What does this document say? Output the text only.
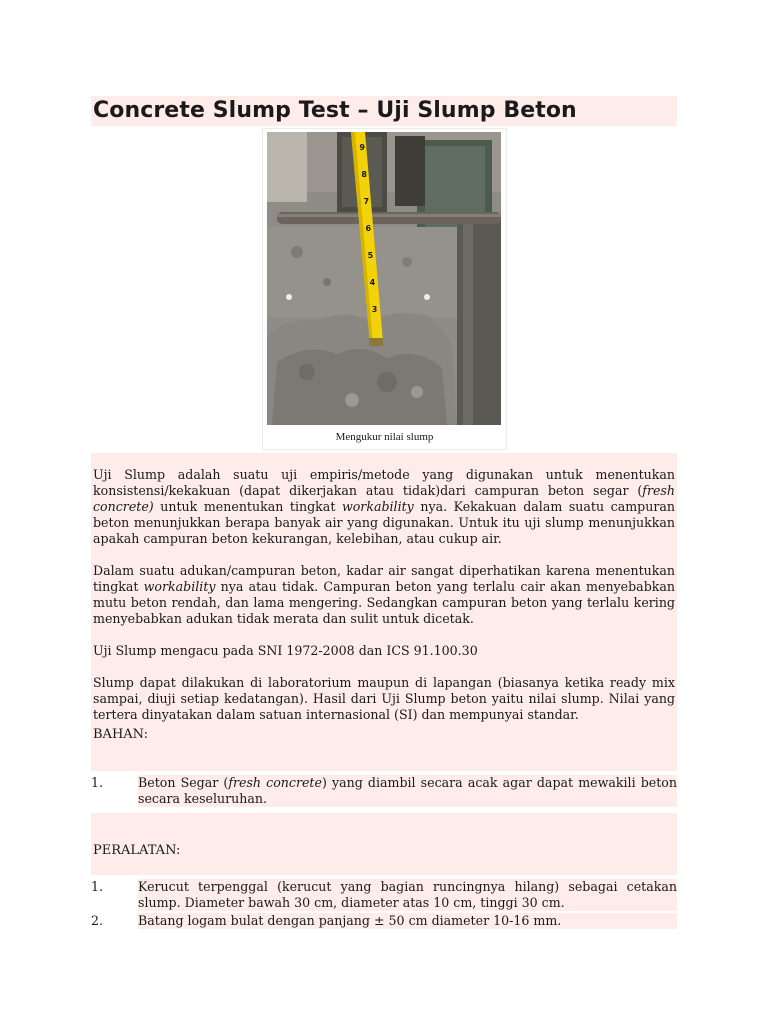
Concrete Slump Test – Uji Slump Beton
9
8
7
6
5
4
3
Mengukur nilai slump

Uji Slump adalah suatu uji empiris/metode yang digunakan untuk menentukan konsistensi/kekakuan (dapat dikerjakan atau tidak)dari campuran beton segar (fresh concrete) untuk menentukan tingkat workability nya. Kekakuan dalam suatu campuran beton menunjukkan berapa banyak air yang digunakan. Untuk itu uji slump menunjukkan apakah campuran beton kekurangan, kelebihan, atau cukup air.

Dalam suatu adukan/campuran beton, kadar air sangat diperhatikan karena menentukan tingkat workability nya atau tidak. Campuran beton yang terlalu cair akan menyebabkan mutu beton rendah, dan lama mengering. Sedangkan campuran beton yang terlalu kering menyebabkan adukan tidak merata dan sulit untuk dicetak.

Uji Slump mengacu pada SNI 1972-2008 dan ICS 91.100.30

Slump dapat dilakukan di laboratorium maupun di lapangan (biasanya ketika ready mix sampai, diuji setiap kedatangan). Hasil dari Uji Slump beton yaitu nilai slump. Nilai yang tertera dinyatakan dalam satuan internasional (SI) dan mempunyai standar.

BAHAN:
1.	Beton Segar (fresh concrete) yang diambil secara acak agar dapat mewakili beton secara keseluruhan.
PERALATAN:
1.	Kerucut terpenggal (kerucut yang bagian runcingnya hilang) sebagai cetakan slump. Diameter bawah 30 cm, diameter atas 10 cm, tinggi 30 cm.
2.	Batang logam bulat dengan panjang ± 50 cm diameter 10-16 mm.
